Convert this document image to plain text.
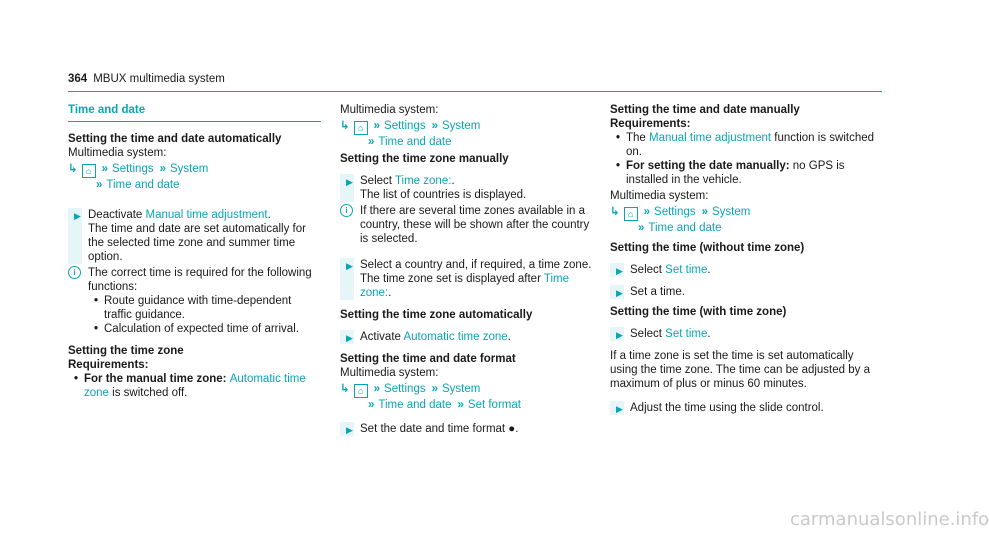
364 MBUX multimedia system
Time and date

Setting the time and date automatically

Multimedia system:

↳ ⌂ » Settings » System
» Time and date
▶ Deactivate Manual time adjustment.
The time and date are set automatically for the selected time zone and summer time option.
i	The correct time is required for the following functions:
• Route guidance with time-dependent traffic guidance.
• Calculation of expected time of arrival.

Setting the time zone

Requirements:

• For the manual time zone: Automatic time zone is switched off.

Multimedia system:

↳ ⌂ » Settings » System
» Time and date

Setting the time zone manually

▶ Select Time zone:.
The list of countries is displayed.
i	If there are several time zones available in a country, these will be shown after the country is selected.
▶ Select a country and, if required, a time zone.
The time zone set is displayed after Time zone:.

Setting the time zone automatically

▶ Activate Automatic time zone.

Setting the time and date format

Multimedia system:

↳ ⌂ » Settings » System
» Time and date » Set format
▶ Set the date and time format ●.

Setting the time and date manually

Requirements:

• The Manual time adjustment function is switched on.
• For setting the date manually: no GPS is installed in the vehicle.

Multimedia system:

↳ ⌂ » Settings » System
» Time and date

Setting the time (without time zone)

▶ Select Set time.
▶ Set a time.

Setting the time (with time zone)

▶ Select Set time.

If a time zone is set the time is set automatically using the time zone. The time can be adjusted by a maximum of plus or minus 60 minutes.

▶ Adjust the time using the slide control.
carmanualsonline.info
